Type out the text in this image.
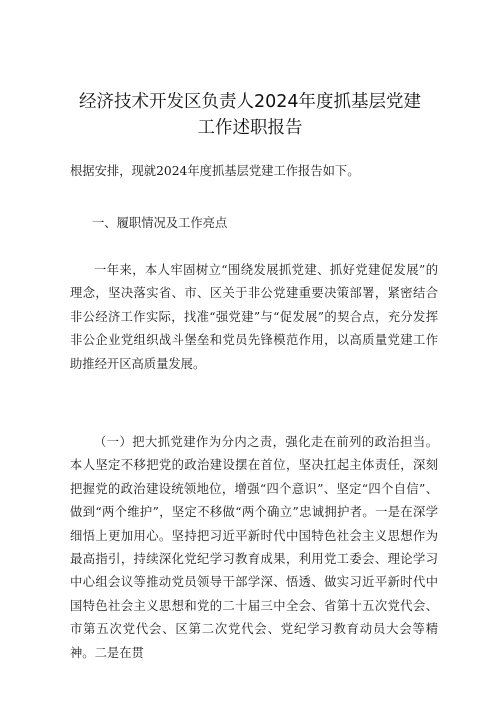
经济技术开发区负责人2024年度抓基层党建
工作述职报告

根据安排，现就2024年度抓基层党建工作报告如下。

一、履职情况及工作亮点

一年来，本人牢固树立“围绕发展抓党建、抓好党建促发展”的理念，坚决落实省、市、区关于非公党建重要决策部署，紧密结合非公经济工作实际，找准“强党建”与“促发展”的契合点，充分发挥非公企业党组织战斗堡垒和党员先锋模范作用，以高质量党建工作助推经开区高质量发展。

（一）把大抓党建作为分内之责，强化走在前列的政治担当。本人坚定不移把党的政治建设摆在首位，坚决扛起主体责任，深刻把握党的政治建设统领地位，增强“四个意识”、坚定“四个自信”、做到“两个维护”，坚定不移做“两个确立”忠诚拥护者。一是在深学细悟上更加用心。坚持把习近平新时代中国特色社会主义思想作为最高指引，持续深化党纪学习教育成果，利用党工委会、理论学习中心组会议等推动党员领导干部学深、悟透、做实习近平新时代中国特色社会主义思想和党的二十届三中全会、省第十五次党代会、市第五次党代会、区第二次党代会、党纪学习教育动员大会等精神。二是在贯
